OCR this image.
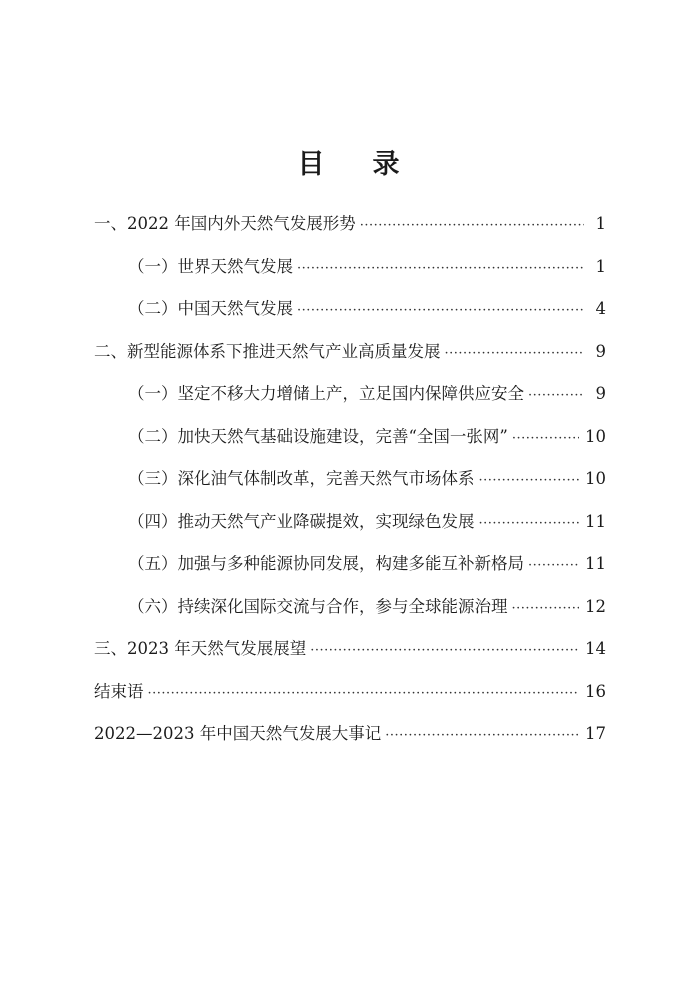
目 录
一、2022 年国内外天然气发展形势 ·····	1
（一）世界天然气发展 ·····	1
（二）中国天然气发展 ·····	4
二、新型能源体系下推进天然气产业高质量发展 ·····	9
（一）坚定不移大力增储上产，立足国内保障供应安全 ·····	9
（二）加快天然气基础设施建设，完善“全国一张网” ·····	10
（三）深化油气体制改革，完善天然气市场体系 ·····	10
（四）推动天然气产业降碳提效，实现绿色发展 ·····	11
（五）加强与多种能源协同发展，构建多能互补新格局 ·····	11
（六）持续深化国际交流与合作，参与全球能源治理 ·····	12
三、2023 年天然气发展展望 ·····	14
结束语 ·····	16
2022—2023 年中国天然气发展大事记 ·····	17
